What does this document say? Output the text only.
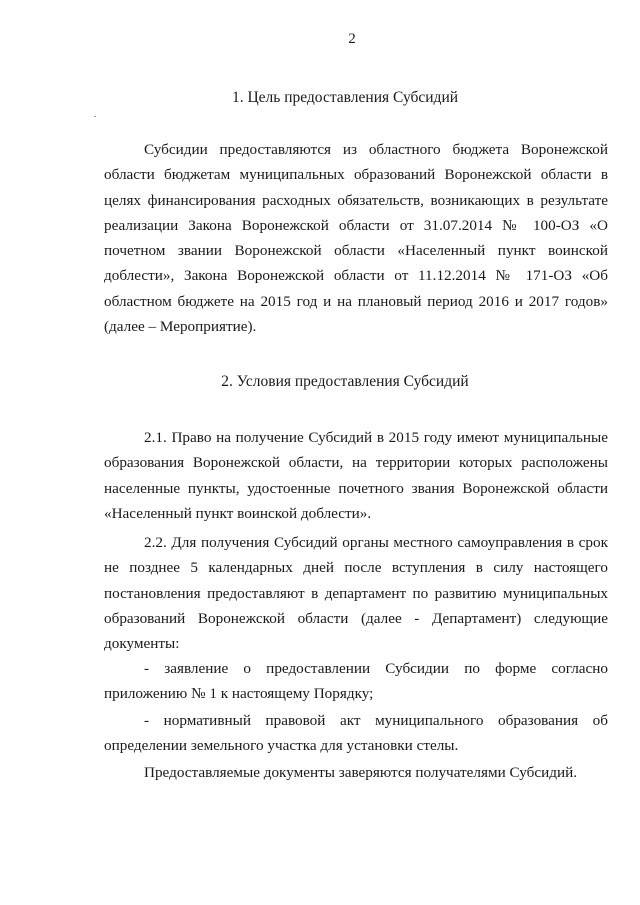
2
1. Цель предоставления Субсидий

Субсидии предоставляются из областного бюджета Воронежской области бюджетам муниципальных образований Воронежской области в целях финансирования расходных обязательств, возникающих в результате реализации Закона Воронежской области от 31.07.2014 № 100-ОЗ «О почетном звании Воронежской области «Населенный пункт воинской доблести», Закона Воронежской области от 11.12.2014 № 171-ОЗ «Об областном бюджете на 2015 год и на плановый период 2016 и 2017 годов» (далее – Мероприятие).

2. Условия предоставления Субсидий

2.1. Право на получение Субсидий в 2015 году имеют муниципальные образования Воронежской области, на территории которых расположены населенные пункты, удостоенные почетного звания Воронежской области «Населенный пункт воинской доблести».

2.2. Для получения Субсидий органы местного самоуправления в срок не позднее 5 календарных дней после вступления в силу настоящего постановления предоставляют в департамент по развитию муниципальных образований Воронежской области (далее - Департамент) следующие документы:

- заявление о предоставлении Субсидии по форме согласно приложению № 1 к настоящему Порядку;

- нормативный правовой акт муниципального образования об определении земельного участка для установки стелы.

Предоставляемые документы заверяются получателями Субсидий.
